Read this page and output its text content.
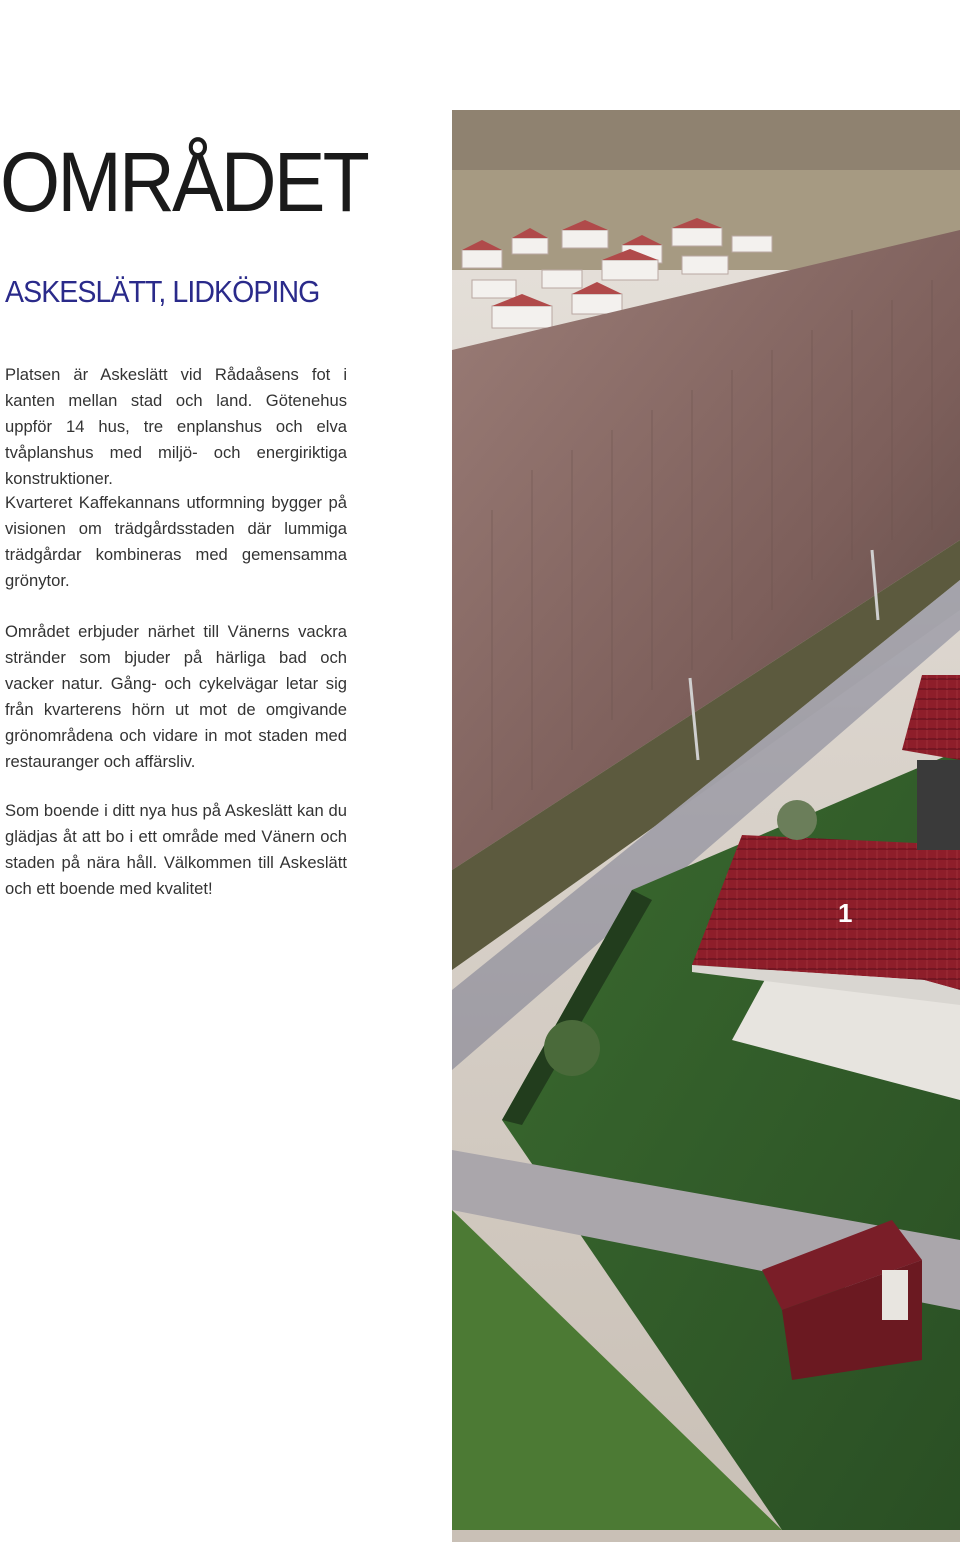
OMRÅDET
ASKESLÄTT, LIDKÖPING

Platsen är Askeslätt vid Rådaåsens fot i kanten mellan stad och land. Götenehus uppför 14 hus, tre enplanshus och elva tvåplanshus med miljö- och energiriktiga konstruktioner.

Kvarteret Kaffekannans utformning bygger på visionen om trädgårdsstaden där lummiga trädgårdar kombineras med gemensamma grönytor.

Området erbjuder närhet till Vänerns vackra stränder som bjuder på härliga bad och vacker natur. Gång- och cykelvägar letar sig från kvarterens hörn ut mot de omgivande grönområdena och vidare in mot staden med restauranger och affärsliv.

Som boende i ditt nya hus på Askeslätt kan du glädjas åt att bo i ett område med Vänern och staden på nära håll. Välkommen till Askeslätt och ett boende med kvalitet!

1
